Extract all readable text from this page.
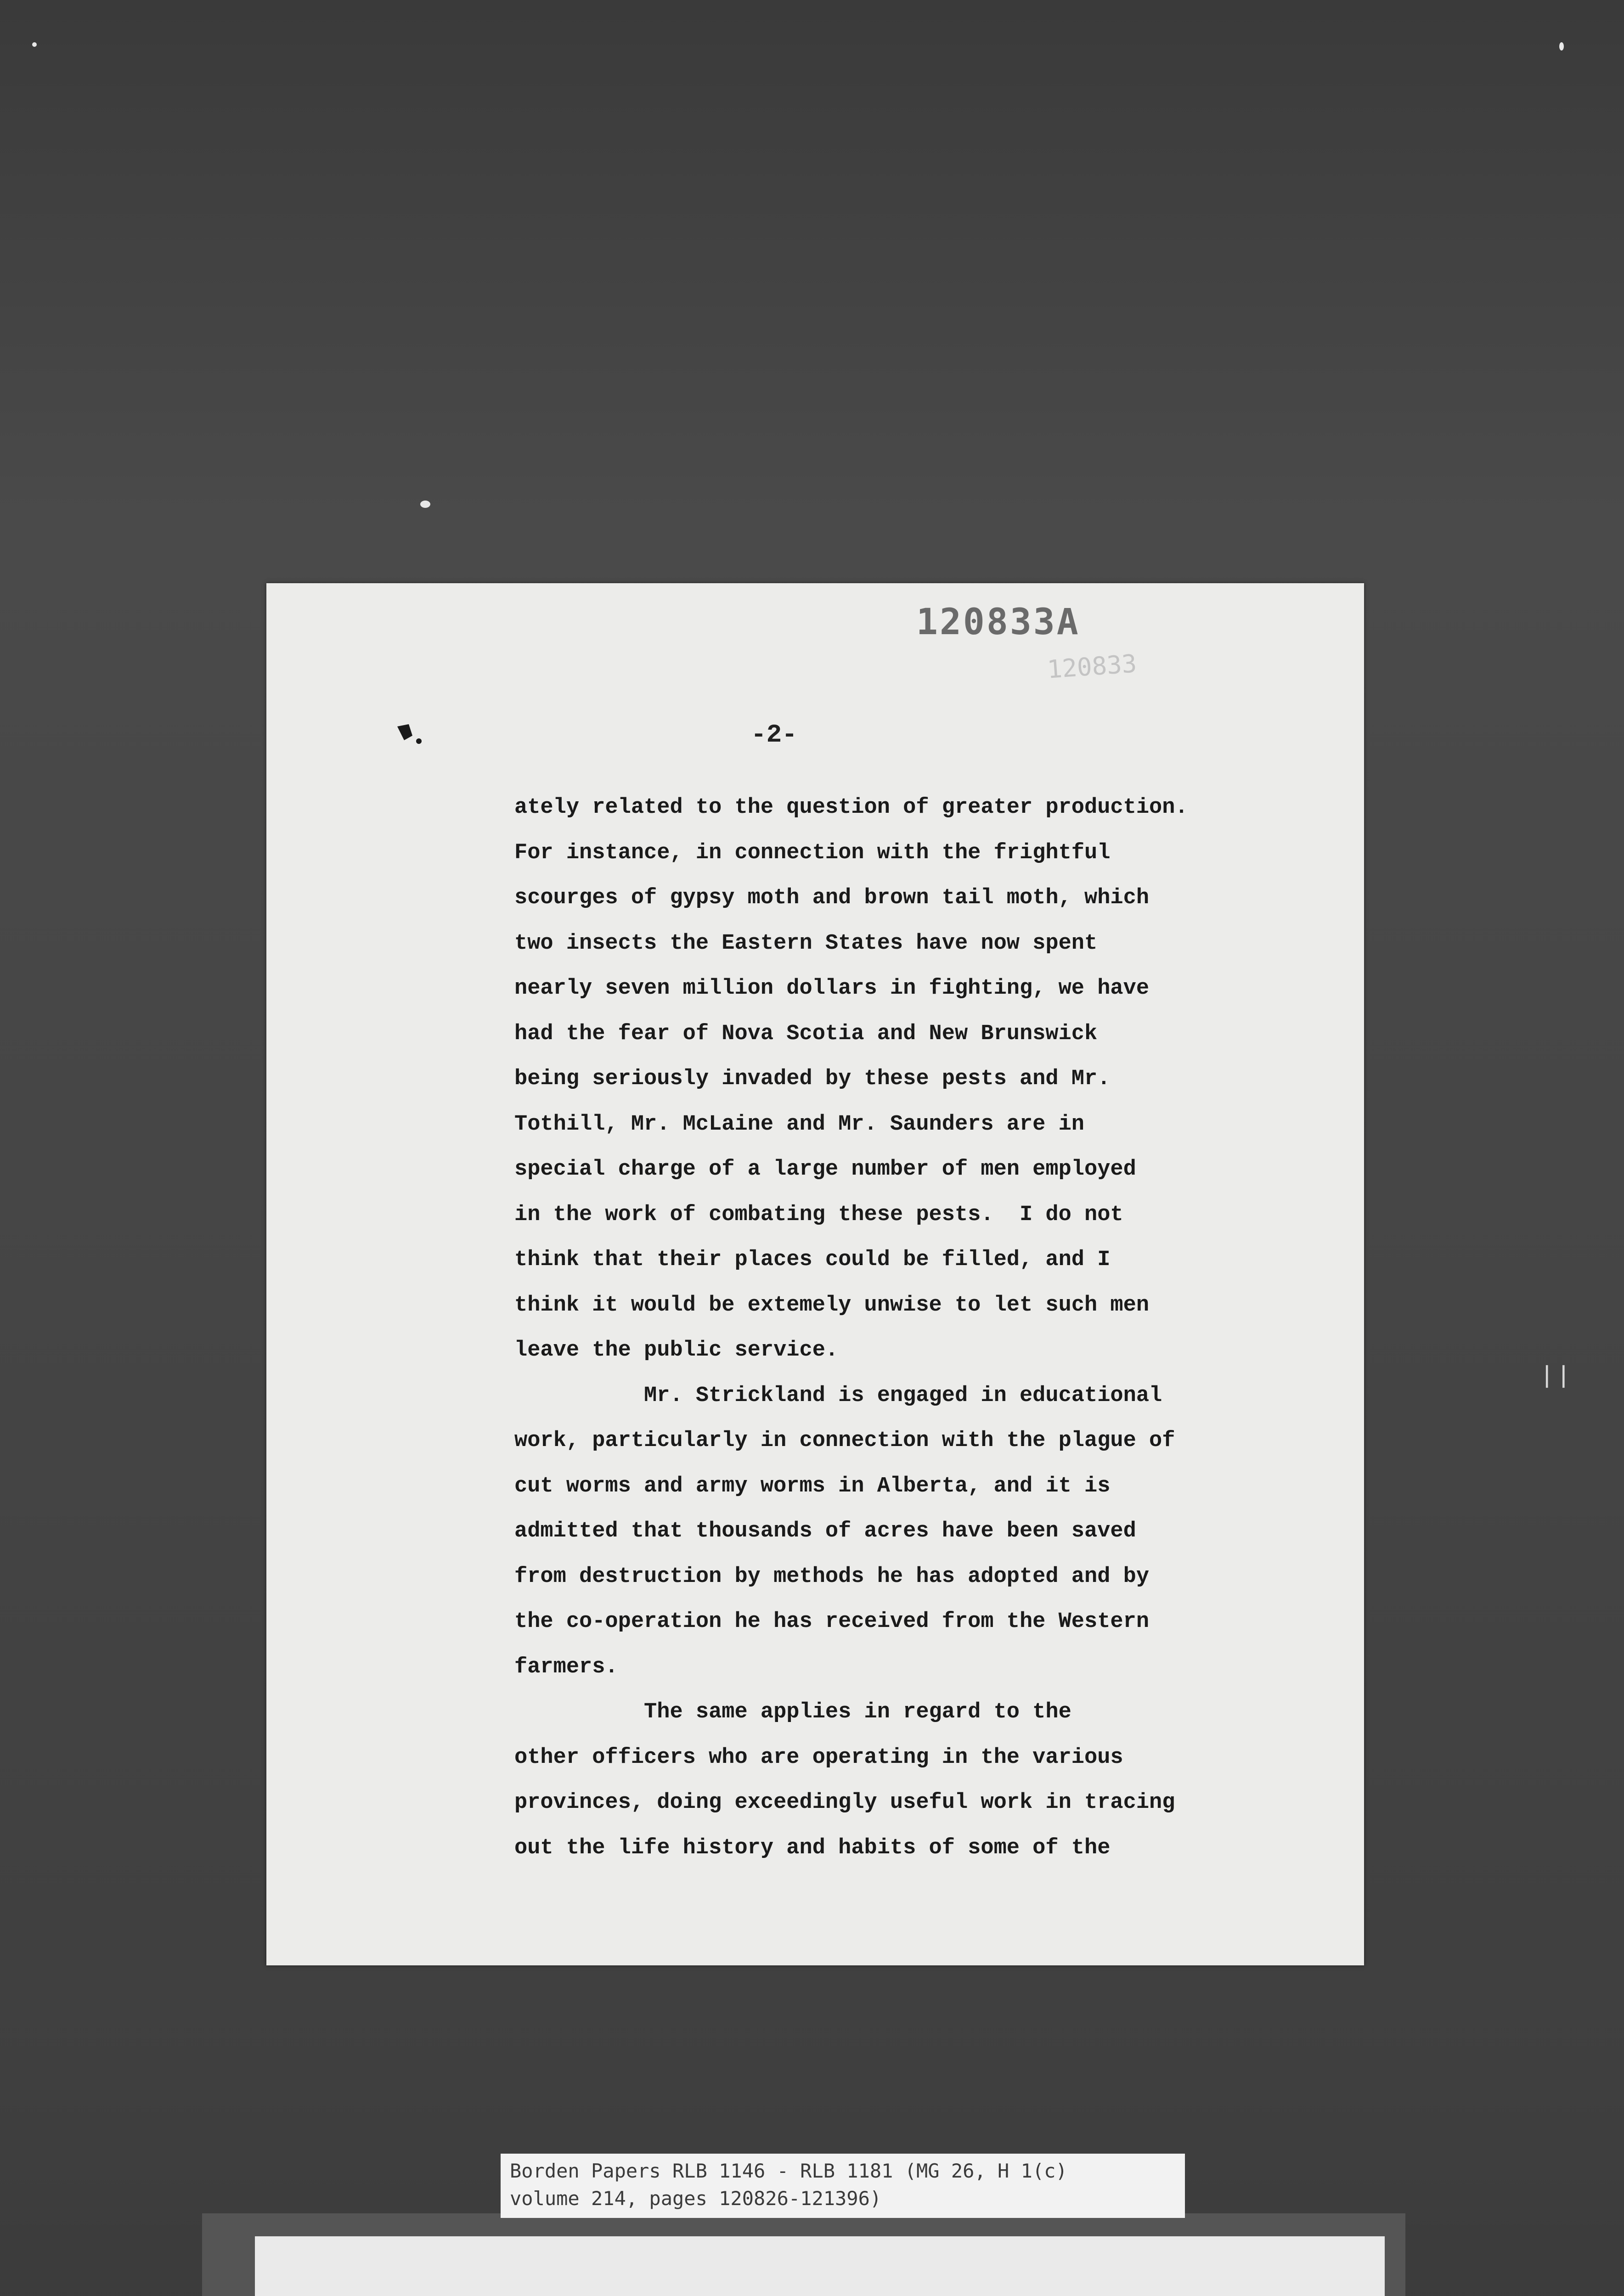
❘❘
120833A
120833
-2-
ately related to the question of greater production.
For instance, in connection with the frightful
scourges of gypsy moth and brown tail moth, which
two insects the Eastern States have now spent
nearly seven million dollars in fighting, we have
had the fear of Nova Scotia and New Brunswick
being seriously invaded by these pests and Mr.
Tothill, Mr. McLaine and Mr. Saunders are in
special charge of a large number of men employed
in the work of combating these pests.  I do not
think that their places could be filled, and I
think it would be extemely unwise to let such men
leave the public service.
Mr. Strickland is engaged in educational
work, particularly in connection with the plague of
cut worms and army worms in Alberta, and it is
admitted that thousands of acres have been saved
from destruction by methods he has adopted and by
the co-operation he has received from the Western
farmers.
The same applies in regard to the
other officers who are operating in the various
provinces, doing exceedingly useful work in tracing
out the life history and habits of some of the
Borden Papers RLB 1146 - RLB 1181 (MG 26, H 1(c)
volume 214, pages 120826-121396)
